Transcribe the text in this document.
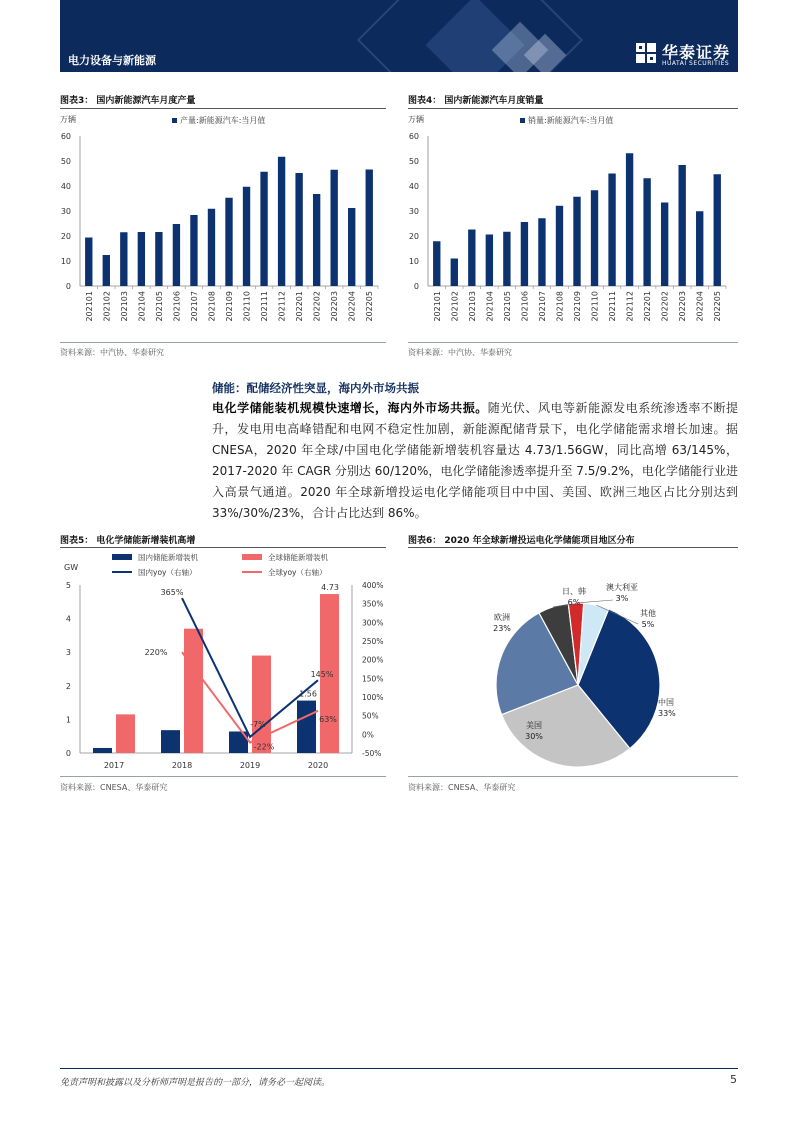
电力设备与新能源	华泰证券
HUATAI SECURITIES
图表3： 国内新能源汽车月度产量
万辆
0
10
20
30
40
50
60
产量:新能源汽车:当月值
202101 202102 202103 202104 202105 202106 202107 202108 202109 202110 202111 202112 202201 202202 202203 202204 202205
资料来源：中汽协、华泰研究
图表4： 国内新能源汽车月度销量
万辆
0
10
20
30
40
50
60
销量:新能源汽车:当月值
202101 202102 202103 202104 202105 202106 202107 202108 202109 202110 202111 202112 202201 202202 202203 202204 202205
资料来源：中汽协、华泰研究
储能：配储经济性突显，海内外市场共振
电化学储能装机规模快速增长，海内外市场共振。随光伏、风电等新能源发电系统渗透率不断提升，发电用电高峰错配和电网不稳定性加剧，新能源配储背景下，电化学储能需求增长加速。据 CNESA，2020 年全球/中国电化学储能新增装机容量达 4.73/1.56GW，同比高增 63/145%，2017-2020 年 CAGR 分别达 60/120%，电化学储能渗透率提升至 7.5/9.2%，电化学储能行业进入高景气通道。2020 年全球新增投运电化学储能项目中中国、美国、欧洲三地区占比分别达到 33%/30%/23%，合计占比达到 86%。
图表5： 电化学储能新增装机高增
国内储能新增装机	全球储能新增装机
国内yoy（右轴）	全球yoy（右轴）
GW
0
1
2
3
4
5	400%
350%
300%
250%
200%
150%
100%
50%
0%
-50%
2017	2018	2019	2020
4.73
1.56
365%
220%
-7%
-22%
145%
63%
资料来源：CNESA、华泰研究
图表6： 2020 年全球新增投运电化学储能项目地区分布
中国
33%
美国
30%
欧洲
23%
日、韩
6%
澳大利亚
3%
其他
5%
资料来源：CNESA、华泰研究
免责声明和披露以及分析师声明是报告的一部分，请务必一起阅读。	5
